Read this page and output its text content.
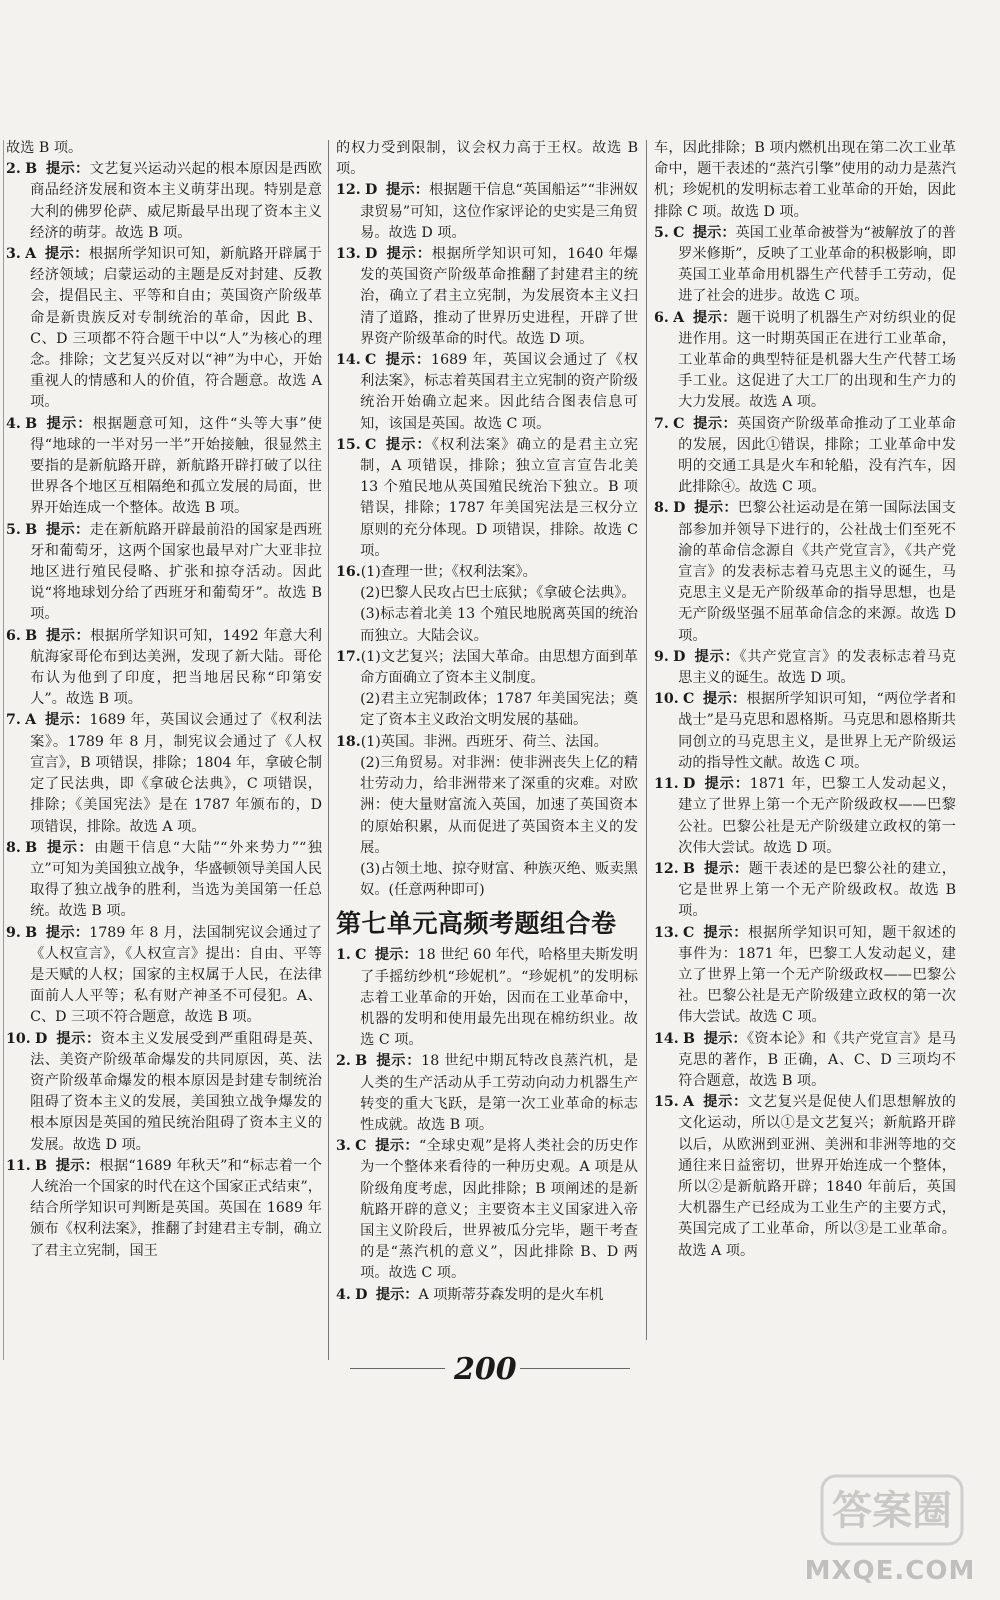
故选 B 项。

2. B 提示：文艺复兴运动兴起的根本原因是西欧商品经济发展和资本主义萌芽出现。特别是意大利的佛罗伦萨、威尼斯最早出现了资本主义经济的萌芽。故选 B 项。

3. A 提示：根据所学知识可知，新航路开辟属于经济领域；启蒙运动的主题是反对封建、反教会，提倡民主、平等和自由；英国资产阶级革命是新贵族反对专制统治的革命，因此 B、C、D 三项都不符合题干中以“人”为核心的理念。排除；文艺复兴反对以“神”为中心，开始重视人的情感和人的价值，符合题意。故选 A 项。

4. B 提示：根据题意可知，这件“头等大事”使得“地球的一半对另一半”开始接触，很显然主要指的是新航路开辟，新航路开辟打破了以往世界各个地区互相隔绝和孤立发展的局面，世界开始连成一个整体。故选 B 项。

5. B 提示：走在新航路开辟最前沿的国家是西班牙和葡萄牙，这两个国家也最早对广大亚非拉地区进行殖民侵略、扩张和掠夺活动。因此说“将地球划分给了西班牙和葡萄牙”。故选 B 项。

6. B 提示：根据所学知识可知，1492 年意大利航海家哥伦布到达美洲，发现了新大陆。哥伦布认为他到了印度，把当地居民称“印第安人”。故选 B 项。

7. A 提示：1689 年，英国议会通过了《权利法案》。1789 年 8 月，制宪议会通过了《人权宣言》，B 项错误，排除；1804 年，拿破仑制定了民法典，即《拿破仑法典》，C 项错误，排除；《美国宪法》是在 1787 年颁布的，D 项错误，排除。故选 A 项。

8. B 提示：由题干信息“大陆”“外来势力”“独立”可知为美国独立战争，华盛顿领导美国人民取得了独立战争的胜利，当选为美国第一任总统。故选 B 项。

9. B 提示：1789 年 8 月，法国制宪议会通过了《人权宣言》，《人权宣言》提出：自由、平等是天赋的人权；国家的主权属于人民，在法律面前人人平等；私有财产神圣不可侵犯。A、C、D 三项不符合题意，故选 B 项。

10. D 提示：资本主义发展受到严重阻碍是英、法、美资产阶级革命爆发的共同原因，英、法资产阶级革命爆发的根本原因是封建专制统治阻碍了资本主义的发展，美国独立战争爆发的根本原因是英国的殖民统治阻碍了资本主义的发展。故选 D 项。

11. B 提示：根据“1689 年秋天”和“标志着一个人统治一个国家的时代在这个国家正式结束”，结合所学知识可判断是英国。英国在 1689 年颁布《权利法案》，推翻了封建君主专制，确立了君主立宪制，国王

的权力受到限制，议会权力高于王权。故选 B 项。

12. D 提示：根据题干信息“英国船运”“非洲奴隶贸易”可知，这位作家评论的史实是三角贸易。故选 D 项。

13. D 提示：根据所学知识可知，1640 年爆发的英国资产阶级革命推翻了封建君主的统治，确立了君主立宪制，为发展资本主义扫清了道路，推动了世界历史进程，开辟了世界资产阶级革命的时代。故选 D 项。

14. C 提示：1689 年，英国议会通过了《权利法案》，标志着英国君主立宪制的资产阶级统治开始确立起来。因此结合图表信息可知，该国是英国。故选 C 项。

15. C 提示：《权利法案》确立的是君主立宪制，A 项错误，排除；独立宣言宣告北美 13 个殖民地从英国殖民统治下独立。B 项错误，排除；1787 年美国宪法是三权分立原则的充分体现。D 项错误，排除。故选 C 项。

16.(1)查理一世；《权利法案》。

(2)巴黎人民攻占巴士底狱；《拿破仑法典》。

(3)标志着北美 13 个殖民地脱离英国的统治而独立。大陆会议。

17.(1)文艺复兴；法国大革命。由思想方面到革命方面确立了资本主义制度。

(2)君主立宪制政体；1787 年美国宪法；奠定了资本主义政治文明发展的基础。

18.(1)英国。非洲。西班牙、荷兰、法国。

(2)三角贸易。对非洲：使非洲丧失上亿的精壮劳动力，给非洲带来了深重的灾难。对欧洲：使大量财富流入英国，加速了英国资本的原始积累，从而促进了英国资本主义的发展。

(3)占领土地、掠夺财富、种族灭绝、贩卖黑奴。(任意两种即可)

第七单元高频考题组合卷

1. C 提示：18 世纪 60 年代，哈格里夫斯发明了手摇纺纱机“珍妮机”。“珍妮机”的发明标志着工业革命的开始，因而在工业革命中，机器的发明和使用最先出现在棉纺织业。故选 C 项。

2. B 提示：18 世纪中期瓦特改良蒸汽机，是人类的生产活动从手工劳动向动力机器生产转变的重大飞跃，是第一次工业革命的标志性成就。故选 B 项。

3. C 提示：“全球史观”是将人类社会的历史作为一个整体来看待的一种历史观。A 项是从阶级角度考虑，因此排除；B 项阐述的是新航路开辟的意义；主要资本主义国家进入帝国主义阶段后，世界被瓜分完毕，题干考查的是“蒸汽机的意义”，因此排除 B、D 两项。故选 C 项。

4. D 提示：A 项斯蒂芬森发明的是火车机

车，因此排除；B 项内燃机出现在第二次工业革命中，题干表述的“蒸汽引擎”使用的动力是蒸汽机；珍妮机的发明标志着工业革命的开始，因此排除 C 项。故选 D 项。

5. C 提示：英国工业革命被誉为“被解放了的普罗米修斯”，反映了工业革命的积极影响，即英国工业革命用机器生产代替手工劳动，促进了社会的进步。故选 C 项。

6. A 提示：题干说明了机器生产对纺织业的促进作用。这一时期英国正在进行工业革命，工业革命的典型特征是机器大生产代替工场手工业。这促进了大工厂的出现和生产力的大力发展。故选 A 项。

7. C 提示：英国资产阶级革命推动了工业革命的发展，因此①错误，排除；工业革命中发明的交通工具是火车和轮船，没有汽车，因此排除④。故选 C 项。

8. D 提示：巴黎公社运动是在第一国际法国支部参加并领导下进行的，公社战士们至死不渝的革命信念源自《共产党宣言》，《共产党宣言》的发表标志着马克思主义的诞生，马克思主义是无产阶级革命的指导思想，也是无产阶级坚强不屈革命信念的来源。故选 D 项。

9. D 提示：《共产党宣言》的发表标志着马克思主义的诞生。故选 D 项。

10. C 提示：根据所学知识可知，“两位学者和战士”是马克思和恩格斯。马克思和恩格斯共同创立的马克思主义，是世界上无产阶级运动的指导性文献。故选 C 项。

11. D 提示：1871 年，巴黎工人发动起义，建立了世界上第一个无产阶级政权——巴黎公社。巴黎公社是无产阶级建立政权的第一次伟大尝试。故选 D 项。

12. B 提示：题干表述的是巴黎公社的建立，它是世界上第一个无产阶级政权。故选 B 项。

13. C 提示：根据所学知识可知，题干叙述的事件为：1871 年，巴黎工人发动起义，建立了世界上第一个无产阶级政权——巴黎公社。巴黎公社是无产阶级建立政权的第一次伟大尝试。故选 C 项。

14. B 提示：《资本论》和《共产党宣言》是马克思的著作，B 正确，A、C、D 三项均不符合题意，故选 B 项。

15. A 提示：文艺复兴是促使人们思想解放的文化运动，所以①是文艺复兴；新航路开辟以后，从欧洲到亚洲、美洲和非洲等地的交通往来日益密切，世界开始连成一个整体，所以②是新航路开辟；1840 年前后，英国大机器生产已经成为工业生产的主要方式，英国完成了工业革命，所以③是工业革命。故选 A 项。

200
答案圈
MXQE.COM
